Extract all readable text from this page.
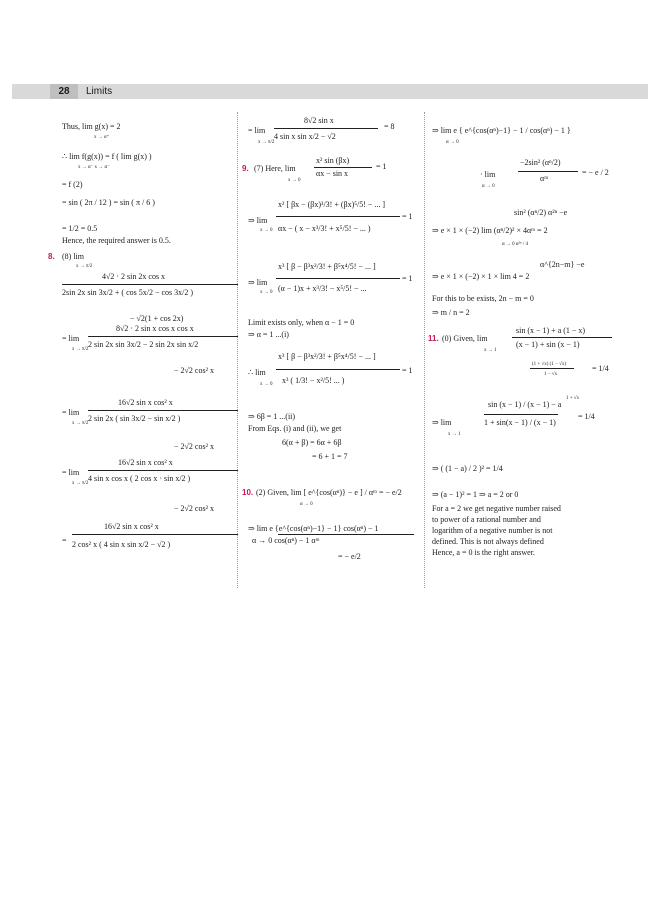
28	Limits
Thus, lim g(x) = 2
x → α⁺
∴ lim f(g(x)) = f ( lim g(x) )
x → α⁻ x → α⁻
= f (2)
= sin ( 2π / 12 ) = sin ( π / 6 )
= 1/2 = 0.5
Hence, the required answer is 0.5.
8. (8) lim
x → π/2
4√2 · 2 sin 2x cos x
2sin 2x sin 3x/2 + ( cos 5x/2 − cos 3x/2 )
− √2(1 + cos 2x)
= lim
8√2 · 2 sin x cos x cos x
2 sin 2x sin 3x/2 − 2 sin 2x sin x/2
x → π/2
− 2√2 cos² x
= lim
16√2 sin x cos² x
2 sin 2x ( sin 3x/2 − sin x/2 )
x → π/2
− 2√2 cos² x
= lim
16√2 sin x cos² x
4 sin x cos x ( 2 cos x · sin x/2 )
x → π/2
− 2√2 cos² x
=
16√2 sin x cos² x
2 cos² x ( 4 sin x sin x/2 − √2 )
= lim
8√2 sin x
4 sin x sin x/2 − √2
x → π/2
= 8
9. (7) Here, lim
x² sin (βx)
αx − sin x
= 1
x → 0
x² [ βx − (βx)³/3! + (βx)⁵/5! − ... ]
⇒ lim
αx − ( x − x³/3! + x⁵/5! − ... )
= 1
x → 0
x³ [ β − β³x²/3! + β⁵x⁴/5! − ... ]
⇒ lim
(α − 1)x + x³/3! − x⁵/5! − ...
= 1
x → 0
Limit exists only, when α − 1 = 0
⇒ α = 1 ...(i)
x³ [ β − β³x²/3! + β⁵x⁴/5! − ... ]
∴ lim
x³ ( 1/3! − x²/5! ... )
= 1
x → 0
⇒ 6β = 1 ...(ii)
From Eqs. (i) and (ii), we get
6(α + β) = 6α + 6β
= 6 + 1 = 7
10. (2) Given, lim [ e^{cos(αⁿ)} − e ] / αᵐ = − e/2
α → 0
⇒ lim e {e^{cos(αⁿ)−1} − 1} cos(αⁿ) − 1
α → 0 cos(αⁿ) − 1 αᵐ
= − e/2
⇒ lim e { e^{cos(αⁿ)−1} − 1 / cos(αⁿ) − 1 }
α → 0
−2sin² (αⁿ/2)
· lim	αᵐ
= − e / 2
α → 0
sin² (αⁿ/2) α²ⁿ −e
⇒ e × 1 × (−2) lim (αⁿ/2)² × 4αᵐ = 2
α → 0 α²ⁿ / 4
α^{2n−m} −e
⇒ e × 1 × (−2) × 1 × lim 4 = 2
For this to be exists, 2n − m = 0
⇒ m / n = 2
11. (0) Given, lim
sin (x − 1) + a (1 − x)
(x − 1) + sin (x − 1)
x → 1
(1 + √x) (1 − √x)
1 − √x
= 1/4
sin (x − 1) / (x − 1) − a
⇒ lim	1 + sin(x − 1) / (x − 1)
1 + √x
= 1/4
x → 1
⇒ ( (1 − a) / 2 )² = 1/4
⇒ (a − 1)² = 1 ⇒ a = 2 or 0
For a = 2 we get negative number raised
to power of a rational number and
logarithm of a negative number is not
defined. This is not always defined
Hence, a = 0 is the right answer.
